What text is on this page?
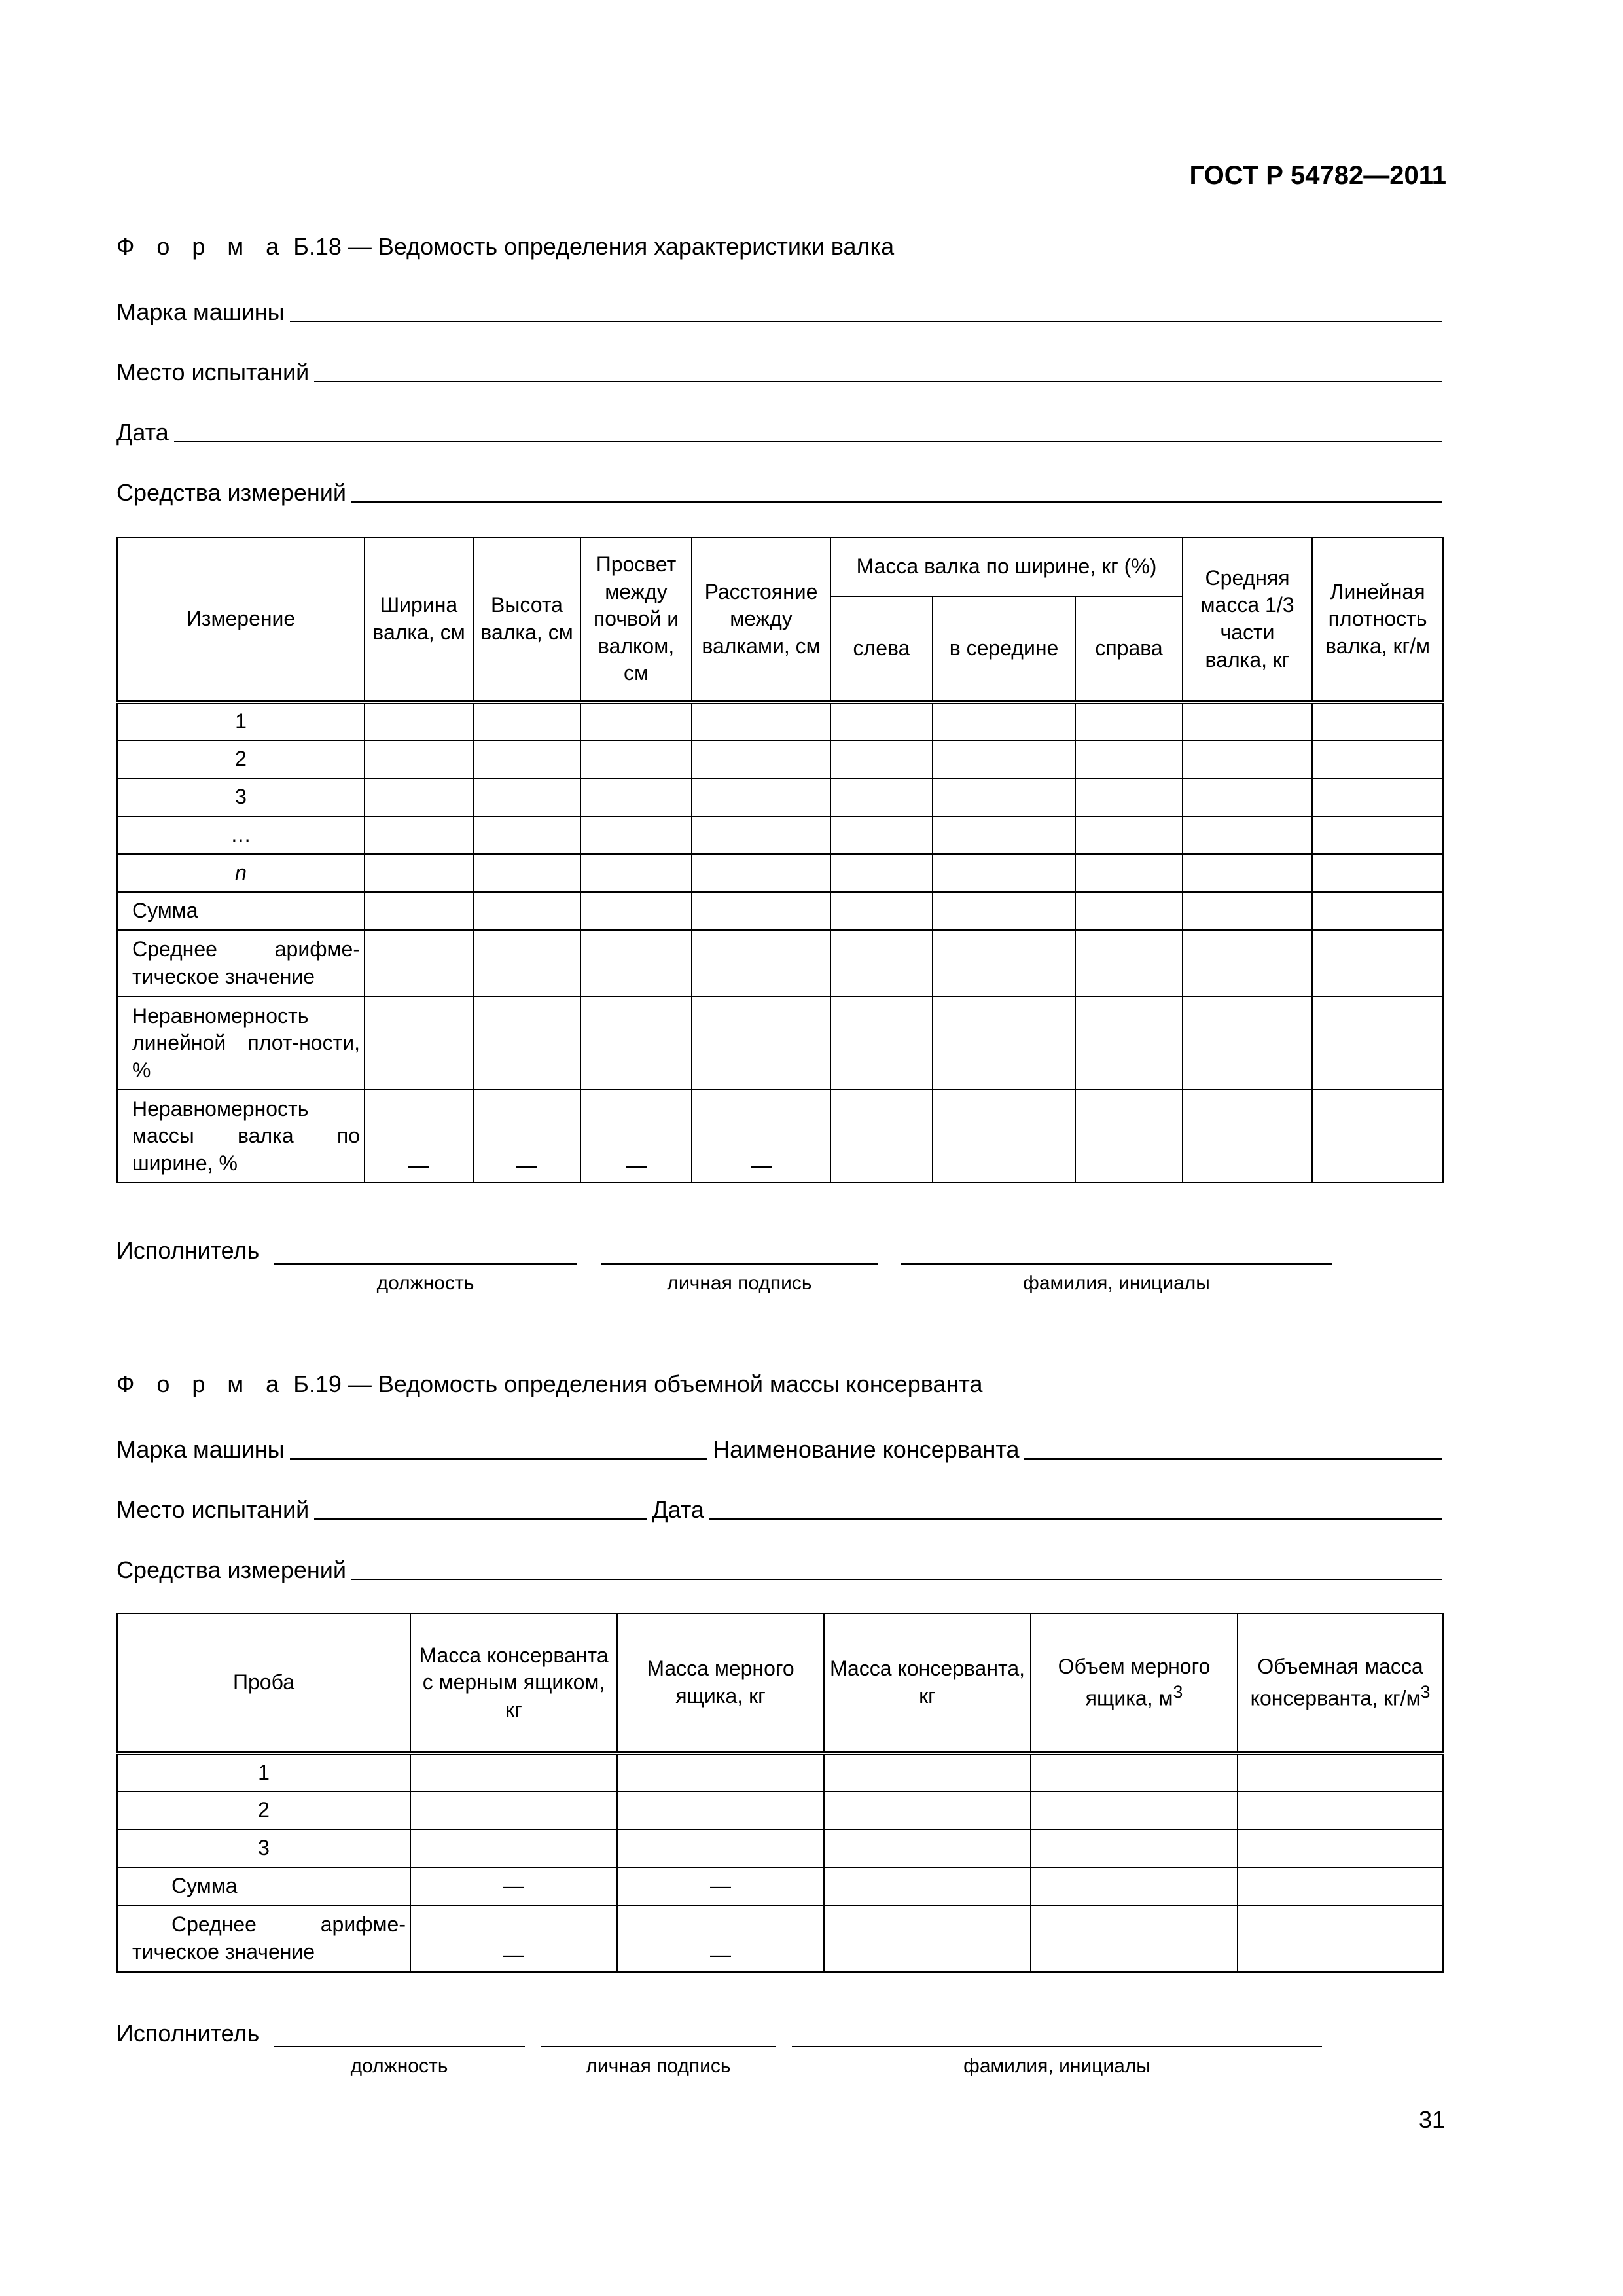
ГОСТ Р 54782—2011
Ф о р м а Б.18 — Ведомость определения характеристики валка
Марка машины
Место испытаний
Дата
Средства измерений
Измерение	Ширина валка, см	Высота валка, см	Просвет между почвой и валком, см	Расстояние между валками, см	Масса валка по ширине, кг (%)			Средняя масса 1/3 части валка, кг	Линейная плотность валка, кг/м
					слева	в середине	справа		
1									
2									
3									
…									
n									
Сумма									
Среднее арифме-тическое значение									
Неравномерность линейной плот-ности, %									
Неравномерность массы валка по ширине, %	—	—	—	—					
Исполнитель
должность	личная подпись	фамилия, инициалы
Ф о р м а Б.19 — Ведомость определения объемной массы консерванта
Марка машины	Наименование консерванта
Место испытаний	Дата
Средства измерений
Проба	Масса консерванта с мерным ящиком, кг	Масса мерного ящика, кг	Масса консерванта, кг	Объем мерного ящика, $м^3$	Объемная масса консерванта, $кг/м^3$
1					
2					
3					
Сумма	—	—			
Среднее арифме-тическое значение	—	—			
Исполнитель
должность	личная подпись	фамилия, инициалы
31
